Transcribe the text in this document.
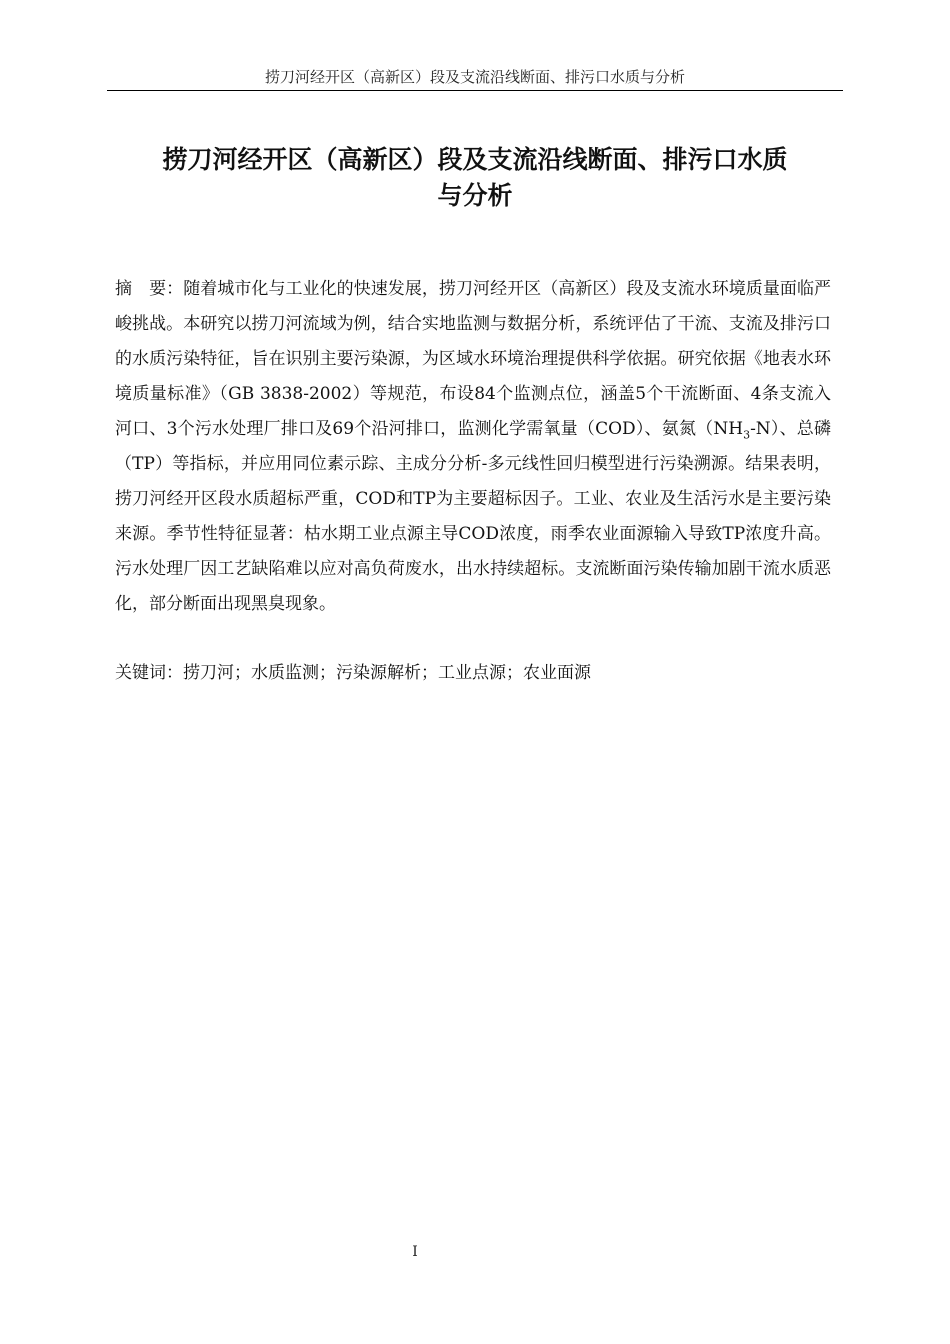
捞刀河经开区（高新区）段及支流沿线断面、排污口水质与分析
捞刀河经开区（高新区）段及支流沿线断面、排污口水质
与分析

摘　要：随着城市化与工业化的快速发展，捞刀河经开区（高新区）段及支流水环境质量面临严峻挑战。本研究以捞刀河流域为例，结合实地监测与数据分析，系统评估了干流、支流及排污口的水质污染特征，旨在识别主要污染源，为区域水环境治理提供科学依据。研究依据《地表水环境质量标准》（GB 3838-2002）等规范，布设84个监测点位，涵盖5个干流断面、4条支流入河口、3个污水处理厂排口及69个沿河排口，监测化学需氧量（COD）、氨氮$(NH_3-N)$、总磷（TP）等指标，并应用同位素示踪、主成分分析-多元线性回归模型进行污染溯源。结果表明，捞刀河经开区段水质超标严重，COD和TP为主要超标因子。工业、农业及生活污水是主要污染来源。季节性特征显著：枯水期工业点源主导COD浓度，雨季农业面源输入导致TP浓度升高。污水处理厂因工艺缺陷难以应对高负荷废水，出水持续超标。支流断面污染传输加剧干流水质恶化，部分断面出现黑臭现象。

关键词：捞刀河；水质监测；污染源解析；工业点源；农业面源

I
